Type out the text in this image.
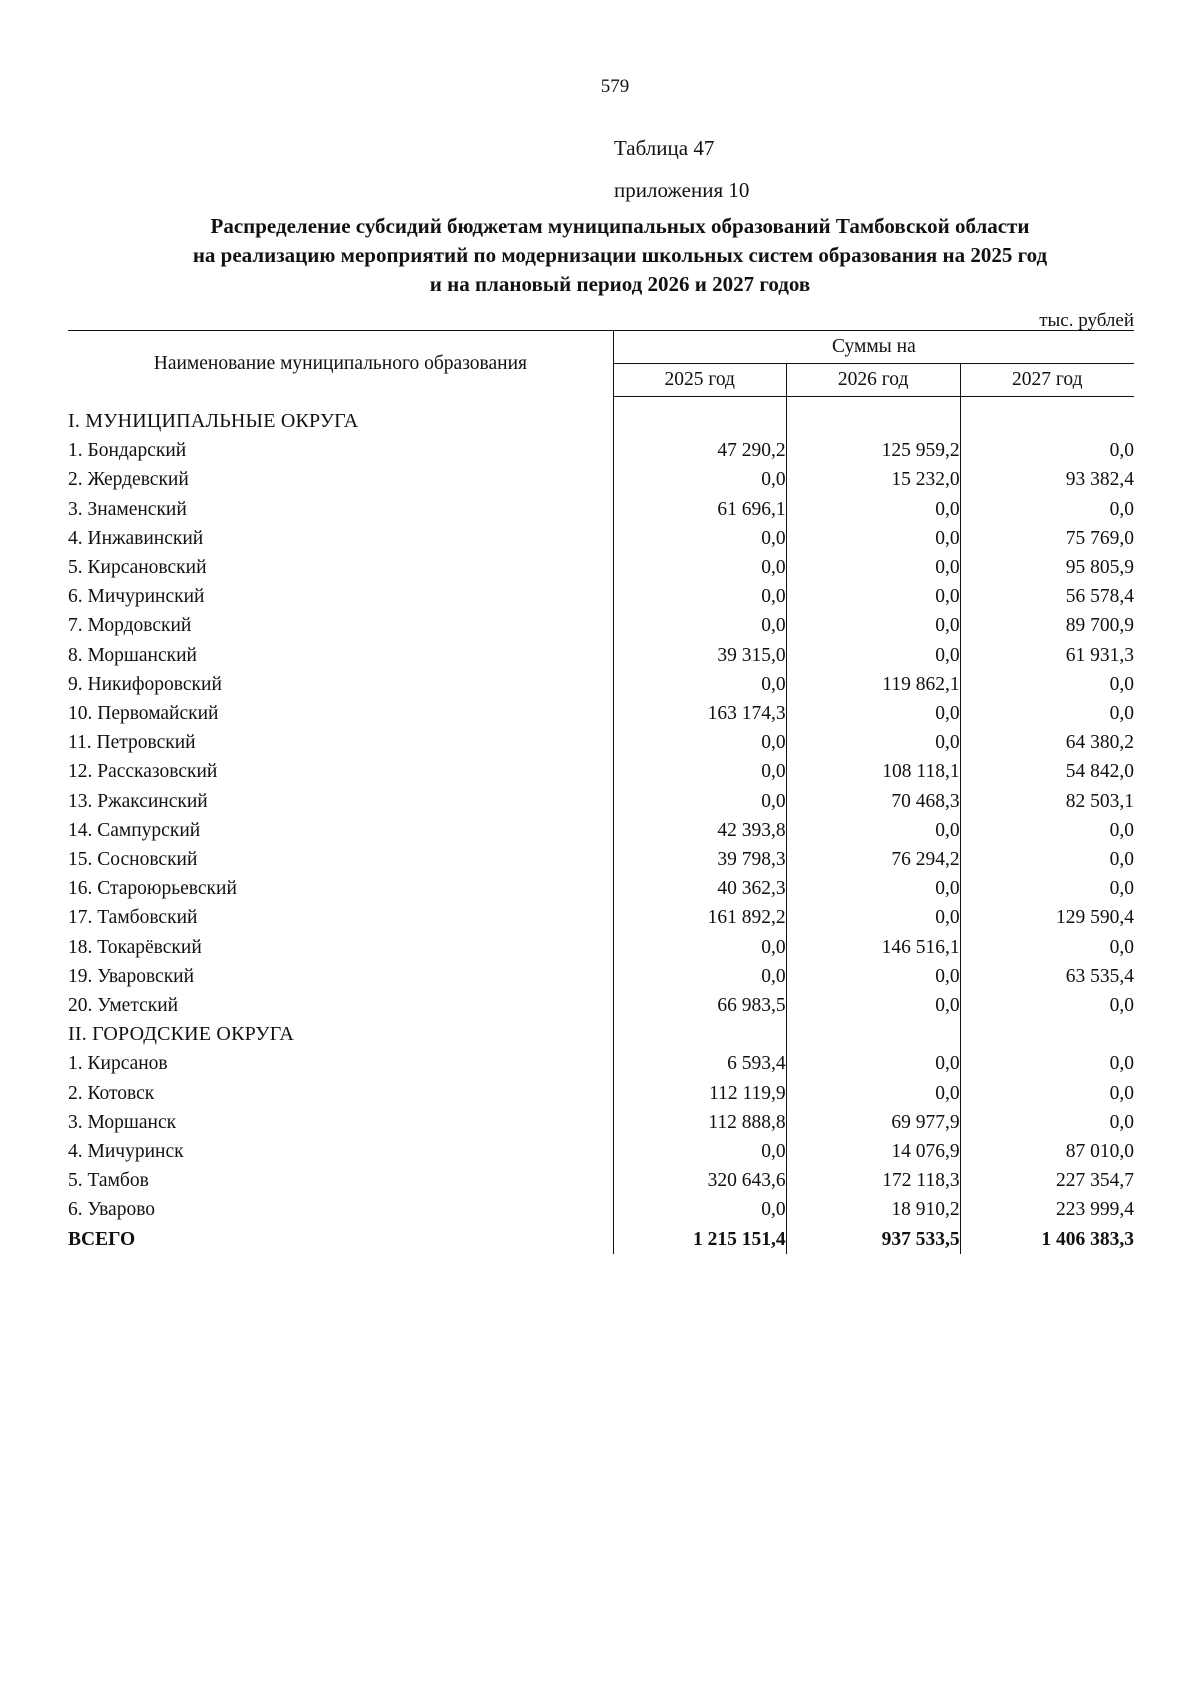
579
Таблица 47
приложения 10
Распределение субсидий бюджетам муниципальных образований Тамбовской области
на реализацию мероприятий по модернизации школьных систем образования на 2025 год
и на плановый период 2026 и 2027 годов
тыс. рублей
Наименование муниципального образования	Суммы на		
	2025 год	2026 год	2027 год
I. МУНИЦИПАЛЬНЫЕ ОКРУГА			
1. Бондарский	47 290,2	125 959,2	0,0
2. Жердевский	0,0	15 232,0	93 382,4
3. Знаменский	61 696,1	0,0	0,0
4. Инжавинский	0,0	0,0	75 769,0
5. Кирсановский	0,0	0,0	95 805,9
6. Мичуринский	0,0	0,0	56 578,4
7. Мордовский	0,0	0,0	89 700,9
8. Моршанский	39 315,0	0,0	61 931,3
9. Никифоровский	0,0	119 862,1	0,0
10. Первомайский	163 174,3	0,0	0,0
11. Петровский	0,0	0,0	64 380,2
12. Рассказовский	0,0	108 118,1	54 842,0
13. Ржаксинский	0,0	70 468,3	82 503,1
14. Сампурский	42 393,8	0,0	0,0
15. Сосновский	39 798,3	76 294,2	0,0
16. Староюрьевский	40 362,3	0,0	0,0
17. Тамбовский	161 892,2	0,0	129 590,4
18. Токарёвский	0,0	146 516,1	0,0
19. Уваровский	0,0	0,0	63 535,4
20. Уметский	66 983,5	0,0	0,0
II. ГОРОДСКИЕ ОКРУГА			
1. Кирсанов	6 593,4	0,0	0,0
2. Котовск	112 119,9	0,0	0,0
3. Моршанск	112 888,8	69 977,9	0,0
4. Мичуринск	0,0	14 076,9	87 010,0
5. Тамбов	320 643,6	172 118,3	227 354,7
6. Уварово	0,0	18 910,2	223 999,4
ВСЕГО	1 215 151,4	937 533,5	1 406 383,3
